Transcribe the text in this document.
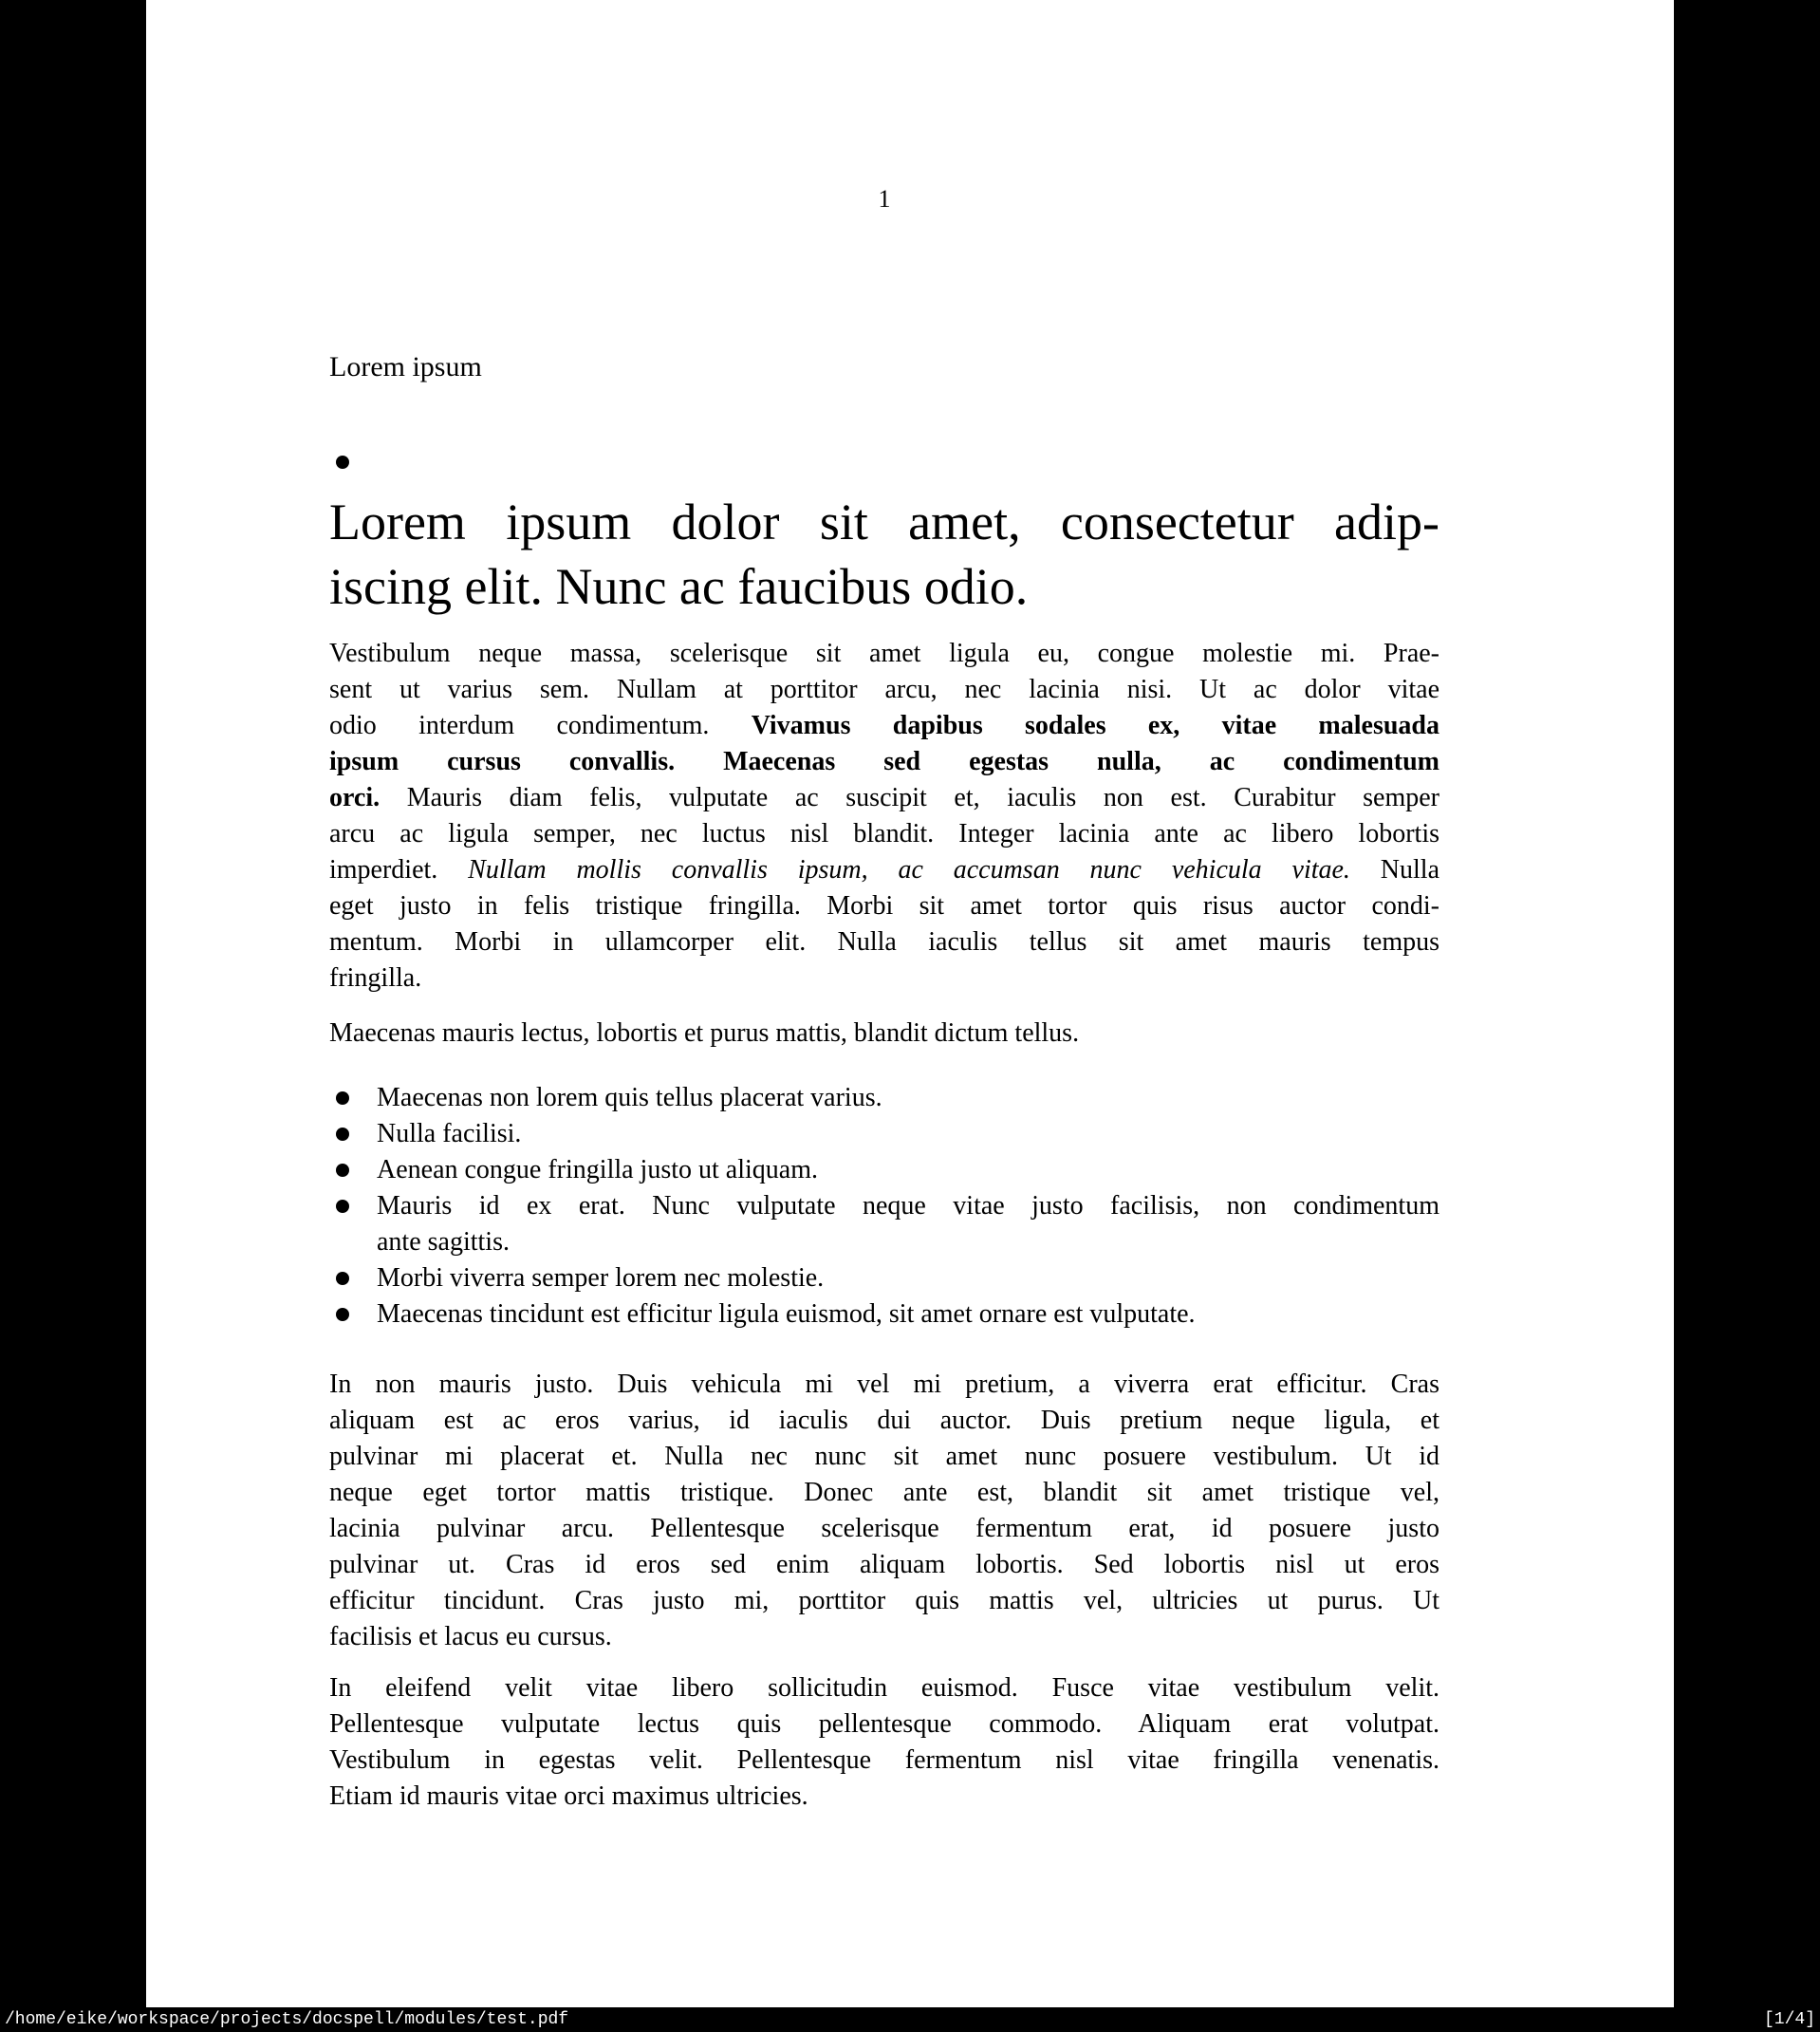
1
Lorem ipsum
Lorem ipsum dolor sit amet, consectetur adip-
iscing elit. Nunc ac faucibus odio.
Vestibulum neque massa, scelerisque sit amet ligula eu, congue molestie mi. Prae-
sent ut varius sem. Nullam at porttitor arcu, nec lacinia nisi. Ut ac dolor vitae
odio interdum condimentum. Vivamus dapibus sodales ex, vitae malesuada
ipsum cursus convallis. Maecenas sed egestas nulla, ac condimentum
orci. Mauris diam felis, vulputate ac suscipit et, iaculis non est. Curabitur semper
arcu ac ligula semper, nec luctus nisl blandit. Integer lacinia ante ac libero lobortis
imperdiet. Nullam mollis convallis ipsum, ac accumsan nunc vehicula vitae. Nulla
eget justo in felis tristique fringilla. Morbi sit amet tortor quis risus auctor condi-
mentum. Morbi in ullamcorper elit. Nulla iaculis tellus sit amet mauris tempus
fringilla.
Maecenas mauris lectus, lobortis et purus mattis, blandit dictum tellus.
Maecenas non lorem quis tellus placerat varius.
Nulla facilisi.
Aenean congue fringilla justo ut aliquam.
Mauris id ex erat. Nunc vulputate neque vitae justo facilisis, non condimentum
ante sagittis.
Morbi viverra semper lorem nec molestie.
Maecenas tincidunt est efficitur ligula euismod, sit amet ornare est vulputate.
In non mauris justo. Duis vehicula mi vel mi pretium, a viverra erat efficitur. Cras
aliquam est ac eros varius, id iaculis dui auctor. Duis pretium neque ligula, et
pulvinar mi placerat et. Nulla nec nunc sit amet nunc posuere vestibulum. Ut id
neque eget tortor mattis tristique. Donec ante est, blandit sit amet tristique vel,
lacinia pulvinar arcu. Pellentesque scelerisque fermentum erat, id posuere justo
pulvinar ut. Cras id eros sed enim aliquam lobortis. Sed lobortis nisl ut eros
efficitur tincidunt. Cras justo mi, porttitor quis mattis vel, ultricies ut purus. Ut
facilisis et lacus eu cursus.
In eleifend velit vitae libero sollicitudin euismod. Fusce vitae vestibulum velit.
Pellentesque vulputate lectus quis pellentesque commodo. Aliquam erat volutpat.
Vestibulum in egestas velit. Pellentesque fermentum nisl vitae fringilla venenatis.
Etiam id mauris vitae orci maximus ultricies.
/home/eike/workspace/projects/docspell/modules/test.pdf	[1/4]
